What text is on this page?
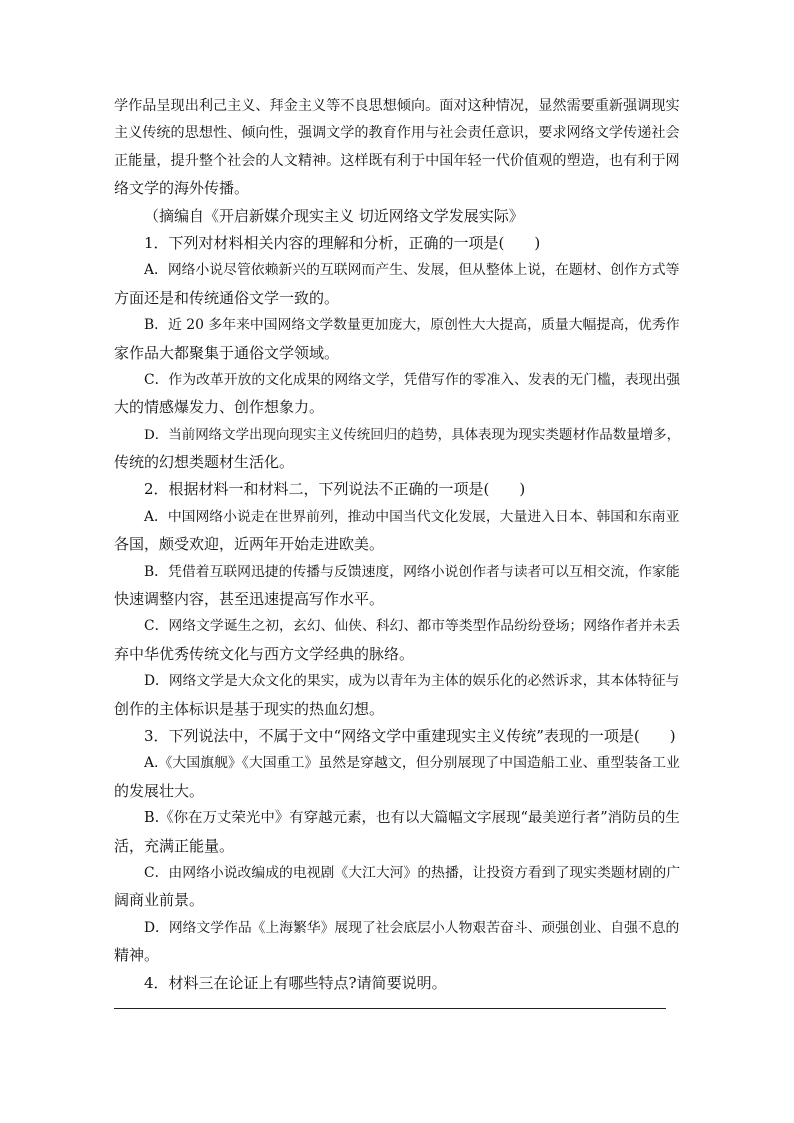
学作品呈现出利己主义、拜金主义等不良思想倾向。面对这种情况，显然需要重新强调现实

主义传统的思想性、倾向性，强调文学的教育作用与社会责任意识，要求网络文学传递社会

正能量，提升整个社会的人文精神。这样既有利于中国年轻一代价值观的塑造，也有利于网

络文学的海外传播。

（摘编自《开启新媒介现实主义 切近网络文学发展实际》

1．下列对材料相关内容的理解和分析，正确的一项是(　　)

A．网络小说尽管依赖新兴的互联网而产生、发展，但从整体上说，在题材、创作方式等

方面还是和传统通俗文学一致的。

B．近 20 多年来中国网络文学数量更加庞大，原创性大大提高，质量大幅提高，优秀作

家作品大都聚集于通俗文学领域。

C．作为改革开放的文化成果的网络文学，凭借写作的零准入、发表的无门槛，表现出强

大的情感爆发力、创作想象力。

D．当前网络文学出现向现实主义传统回归的趋势，具体表现为现实类题材作品数量增多，

传统的幻想类题材生活化。

2．根据材料一和材料二，下列说法不正确的一项是(　　)

A．中国网络小说走在世界前列，推动中国当代文化发展，大量进入日本、韩国和东南亚

各国，颇受欢迎，近两年开始走进欧美。

B．凭借着互联网迅捷的传播与反馈速度，网络小说创作者与读者可以互相交流，作家能

快速调整内容，甚至迅速提高写作水平。

C．网络文学诞生之初，玄幻、仙侠、科幻、都市等类型作品纷纷登场；网络作者并未丢

弃中华优秀传统文化与西方文学经典的脉络。

D．网络文学是大众文化的果实，成为以青年为主体的娱乐化的必然诉求，其本体特征与

创作的主体标识是基于现实的热血幻想。

3．下列说法中，不属于文中“网络文学中重建现实主义传统”表现的一项是(　　)

A.《大国旗舰》《大国重工》虽然是穿越文，但分别展现了中国造船工业、重型装备工业

的发展壮大。

B.《你在万丈荣光中》有穿越元素，也有以大篇幅文字展现“最美逆行者”消防员的生

活，充满正能量。

C．由网络小说改编成的电视剧《大江大河》的热播，让投资方看到了现实类题材剧的广

阔商业前景。

D．网络文学作品《上海繁华》展现了社会底层小人物艰苦奋斗、顽强创业、自强不息的

精神。

4．材料三在论证上有哪些特点?请简要说明。
